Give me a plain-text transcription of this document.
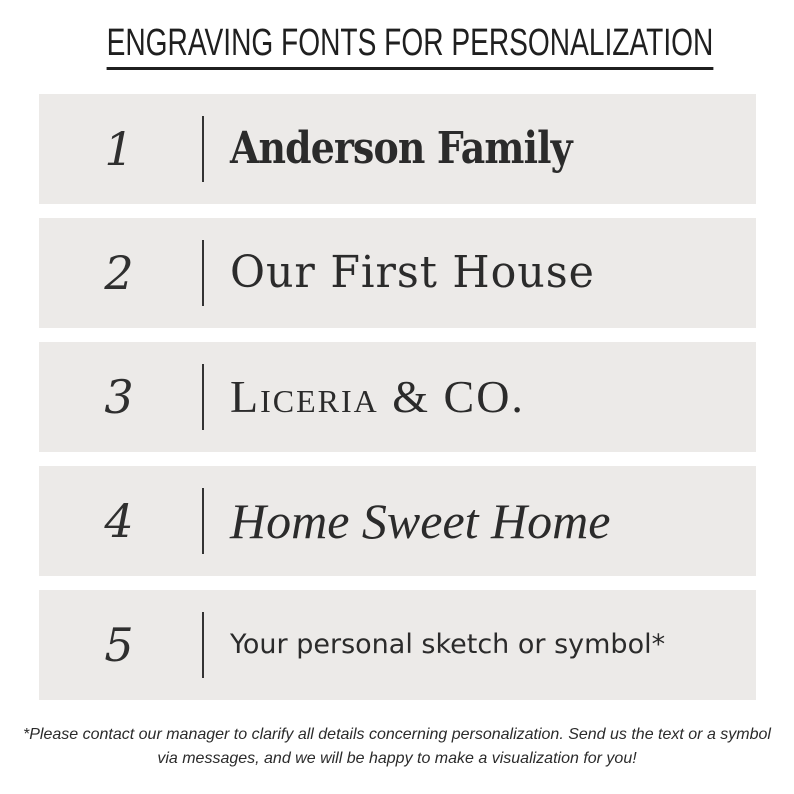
ENGRAVING FONTS FOR PERSONALIZATION
1	Anderson Family
2	Our First House
3	Liceria & CO.
4	Home Sweet Home
5	Your personal sketch or symbol*
*Please contact our manager to clarify all details concerning personalization. Send us the text or a symbol via messages, and we will be happy to make a visualization for you!
